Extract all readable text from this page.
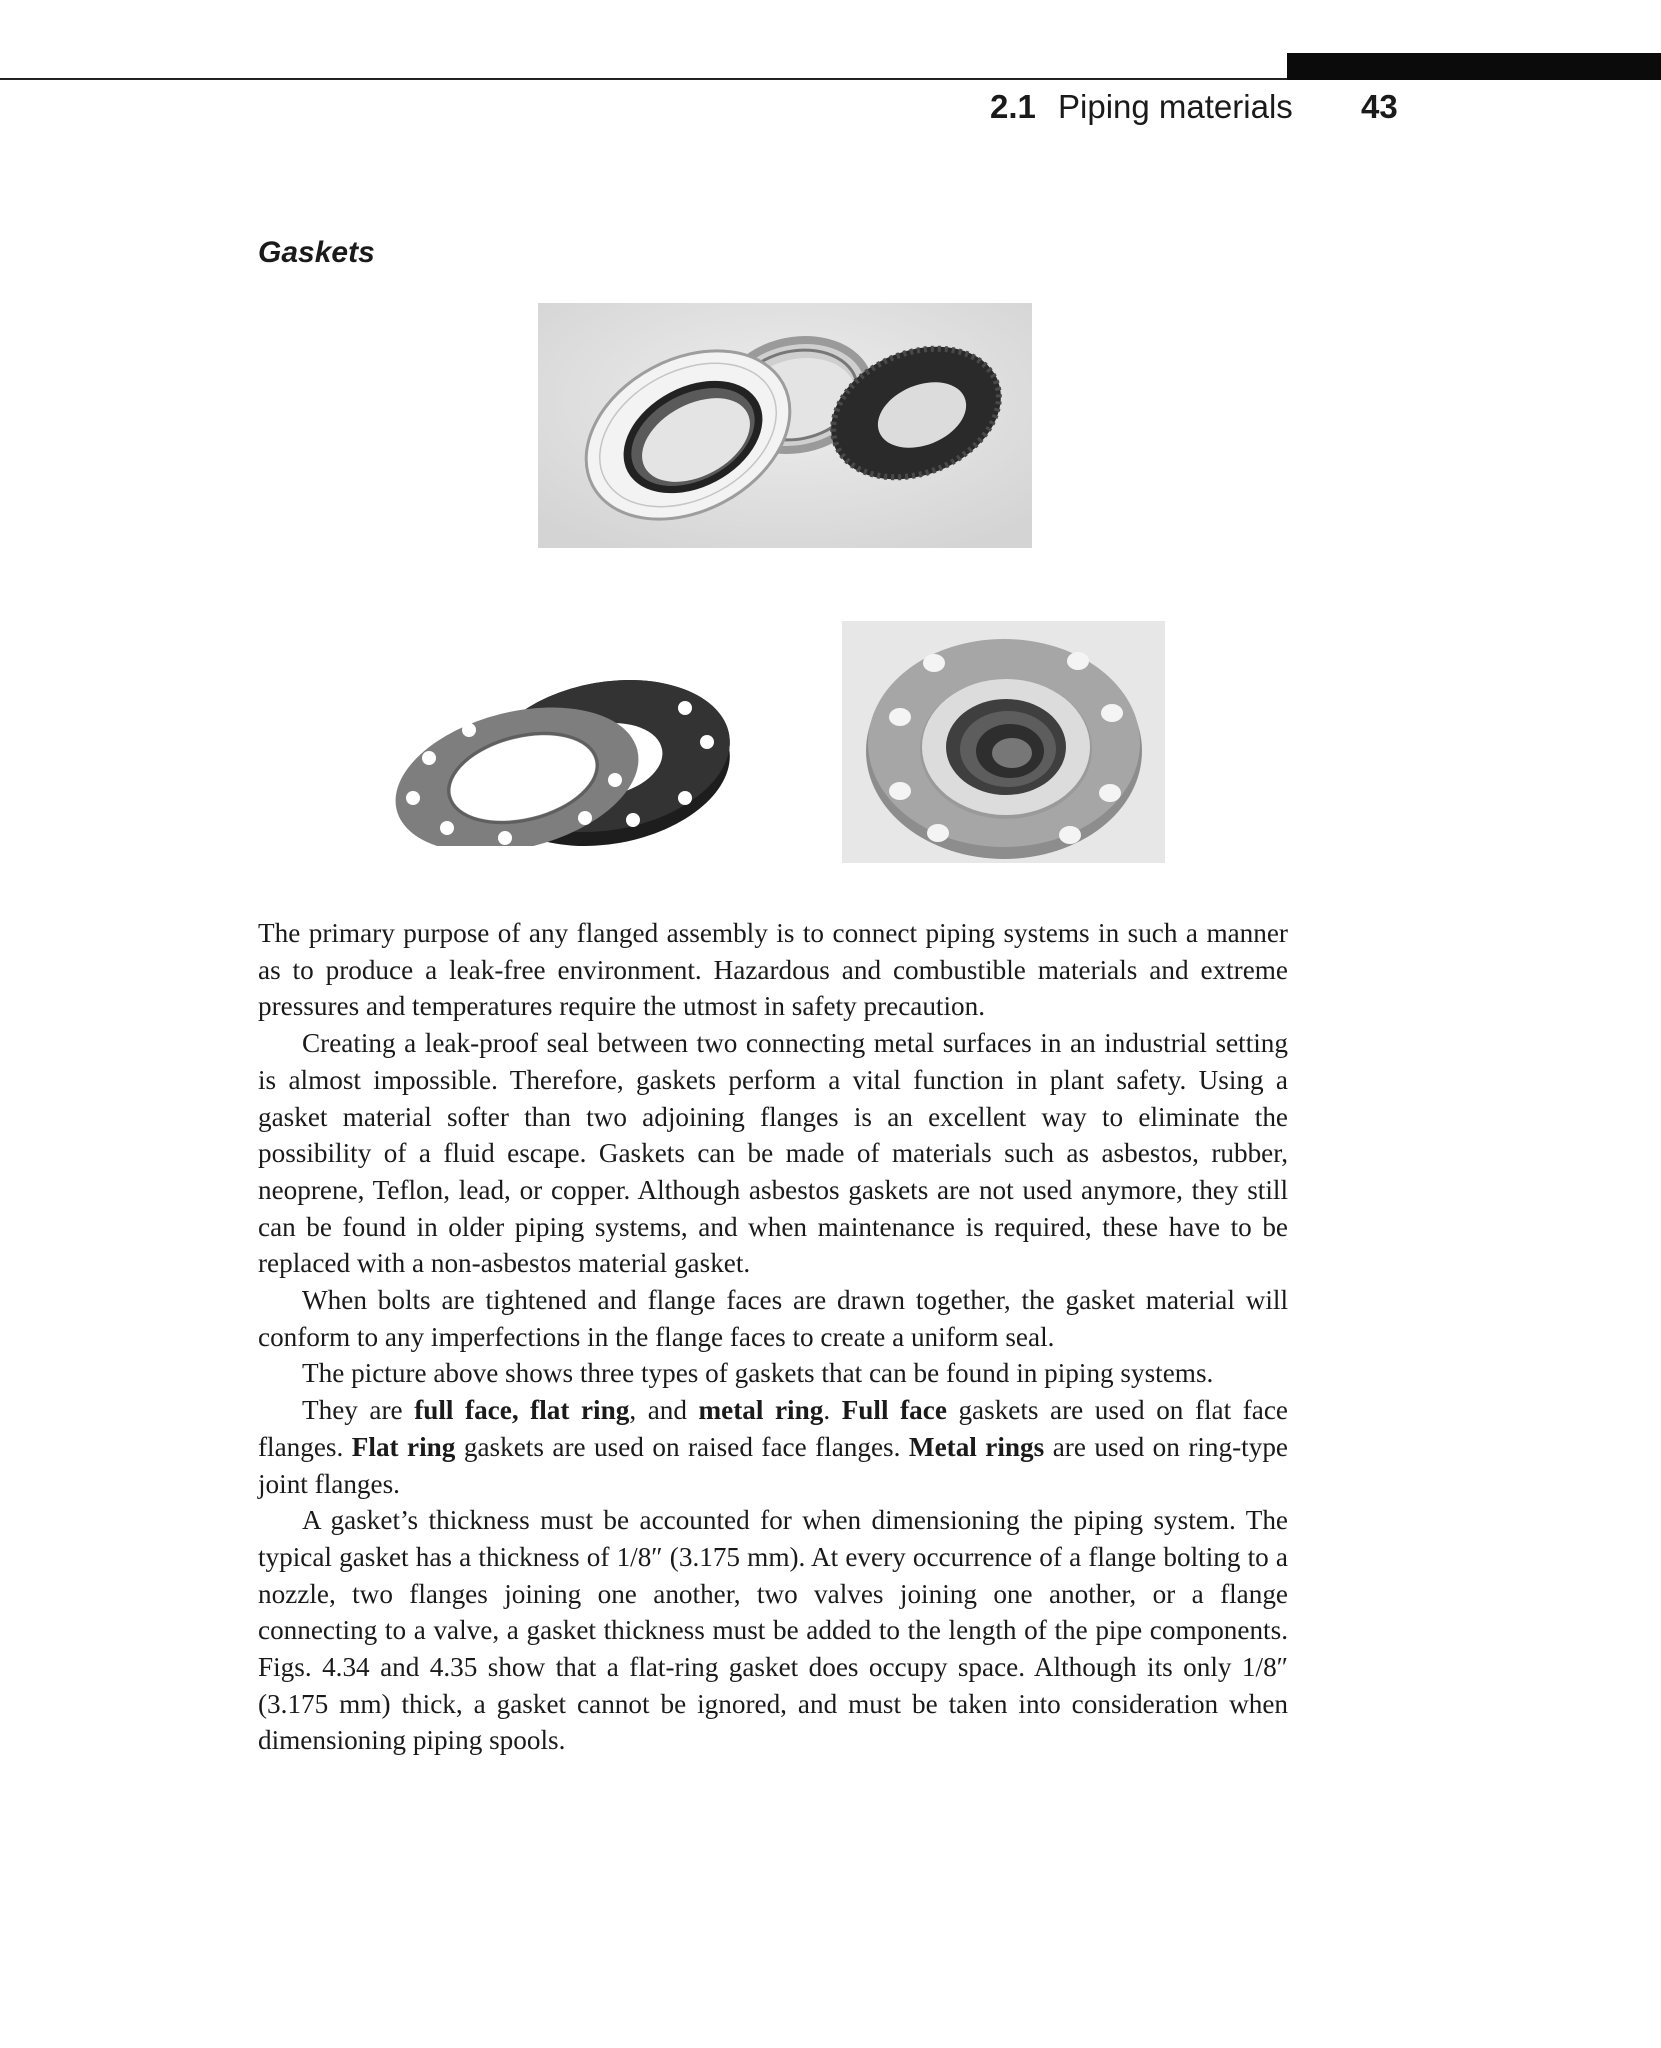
2.1 Piping materials 43
Gaskets

The primary purpose of any flanged assembly is to connect piping systems in such a manner as to produce a leak-free environment. Hazardous and combustible materials and extreme pressures and temperatures require the utmost in safety precaution.

Creating a leak-proof seal between two connecting metal surfaces in an industrial setting is almost impossible. Therefore, gaskets perform a vital function in plant safety. Using a gasket material softer than two adjoining flanges is an excellent way to eliminate the possibility of a fluid escape. Gaskets can be made of materials such as asbestos, rubber, neoprene, Teflon, lead, or copper. Although asbestos gaskets are not used anymore, they still can be found in older piping systems, and when maintenance is required, these have to be replaced with a non-asbestos material gasket.

When bolts are tightened and flange faces are drawn together, the gasket material will conform to any imperfections in the flange faces to create a uniform seal.

The picture above shows three types of gaskets that can be found in piping systems.

They are full face, flat ring, and metal ring. Full face gaskets are used on flat face flanges. Flat ring gaskets are used on raised face flanges. Metal rings are used on ring-type joint flanges.

A gasket’s thickness must be accounted for when dimensioning the piping system. The typical gasket has a thickness of 1/8″ (3.175 mm). At every occurrence of a flange bolting to a nozzle, two flanges joining one another, two valves joining one another, or a flange connecting to a valve, a gasket thickness must be added to the length of the pipe components. Figs. 4.34 and 4.35 show that a flat-ring gasket does occupy space. Although its only 1/8″ (3.175 mm) thick, a gasket cannot be ignored, and must be taken into consideration when dimensioning piping spools.
